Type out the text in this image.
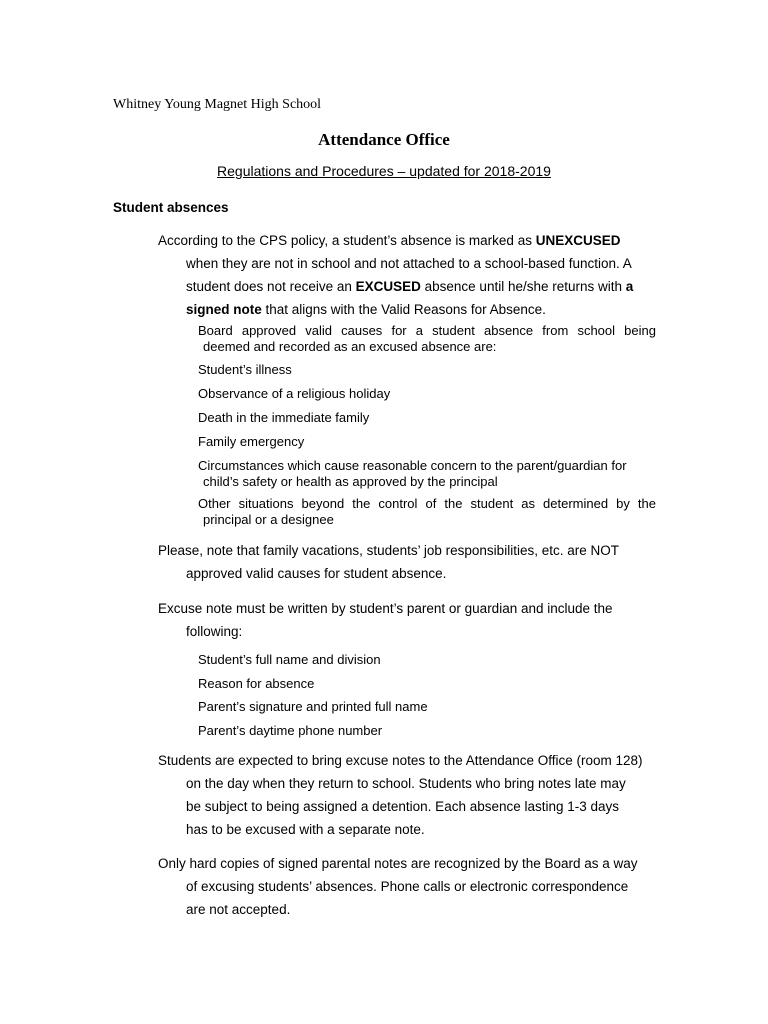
Whitney Young Magnet High School
Attendance Office
Regulations and Procedures – updated for 2018-2019
Student absences
According to the CPS policy, a student’s absence is marked as UNEXCUSED
when they are not in school and not attached to a school-based function. A
student does not receive an EXCUSED absence until he/she returns with a
signed note that aligns with the Valid Reasons for Absence.
Board approved valid causes for a student absence from school being
deemed and recorded as an excused absence are:
Student’s illness
Observance of a religious holiday
Death in the immediate family
Family emergency
Circumstances which cause reasonable concern to the parent/guardian for
child’s safety or health as approved by the principal
Other situations beyond the control of the student as determined by the
principal or a designee
Please, note that family vacations, students’ job responsibilities, etc. are NOT
approved valid causes for student absence.
Excuse note must be written by student’s parent or guardian and include the
following:
Student’s full name and division
Reason for absence
Parent’s signature and printed full name
Parent’s daytime phone number
Students are expected to bring excuse notes to the Attendance Office (room 128)
on the day when they return to school. Students who bring notes late may
be subject to being assigned a detention. Each absence lasting 1-3 days
has to be excused with a separate note.
Only hard copies of signed parental notes are recognized by the Board as a way
of excusing students’ absences. Phone calls or electronic correspondence
are not accepted.
